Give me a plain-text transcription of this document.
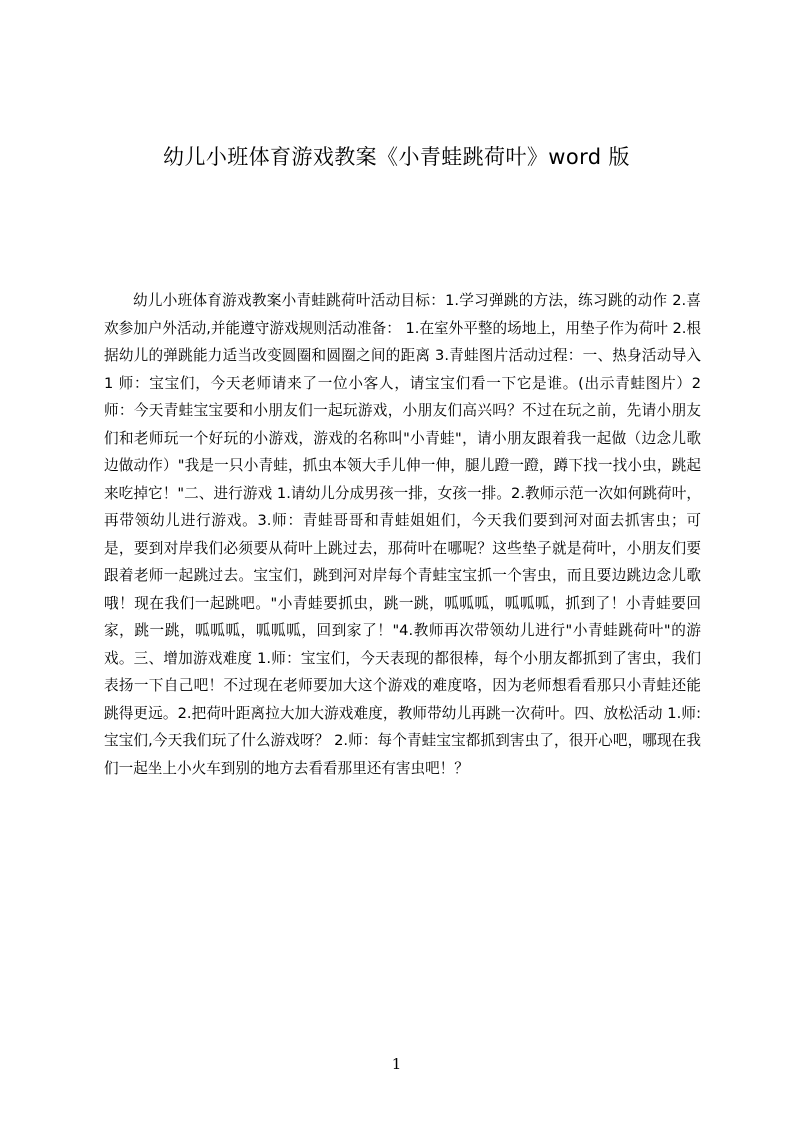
幼儿小班体育游戏教案《小青蛙跳荷叶》word 版

幼儿小班体育游戏教案小青蛙跳荷叶活动目标：1.学习弹跳的方法，练习跳的动作 2.喜欢参加户外活动,并能遵守游戏规则活动准备： 1.在室外平整的场地上，用垫子作为荷叶 2.根据幼儿的弹跳能力适当改变圆圈和圆圈之间的距离 3.青蛙图片活动过程：一、热身活动导入 1 师：宝宝们，今天老师请来了一位小客人，请宝宝们看一下它是谁。(出示青蛙图片）2 师：今天青蛙宝宝要和小朋友们一起玩游戏，小朋友们高兴吗？不过在玩之前，先请小朋友们和老师玩一个好玩的小游戏，游戏的名称叫"小青蛙"，请小朋友跟着我一起做（边念儿歌边做动作）"我是一只小青蛙，抓虫本领大手儿伸一伸，腿儿蹬一蹬，蹲下找一找小虫，跳起来吃掉它！"二、进行游戏 1.请幼儿分成男孩一排，女孩一排。2.教师示范一次如何跳荷叶，再带领幼儿进行游戏。3.师：青蛙哥哥和青蛙姐姐们，今天我们要到河对面去抓害虫；可是，要到对岸我们必须要从荷叶上跳过去，那荷叶在哪呢？这些垫子就是荷叶，小朋友们要跟着老师一起跳过去。宝宝们，跳到河对岸每个青蛙宝宝抓一个害虫，而且要边跳边念儿歌哦！现在我们一起跳吧。"小青蛙要抓虫，跳一跳，呱呱呱，呱呱呱，抓到了！小青蛙要回家，跳一跳，呱呱呱，呱呱呱，回到家了！"4.教师再次带领幼儿进行"小青蛙跳荷叶"的游戏。三、增加游戏难度 1.师：宝宝们，今天表现的都很棒，每个小朋友都抓到了害虫，我们表扬一下自己吧！不过现在老师要加大这个游戏的难度咯，因为老师想看看那只小青蛙还能跳得更远。2.把荷叶距离拉大加大游戏难度，教师带幼儿再跳一次荷叶。四、放松活动 1.师:宝宝们,今天我们玩了什么游戏呀？ 2.师：每个青蛙宝宝都抓到害虫了，很开心吧，哪现在我们一起坐上小火车到别的地方去看看那里还有害虫吧！？

1
